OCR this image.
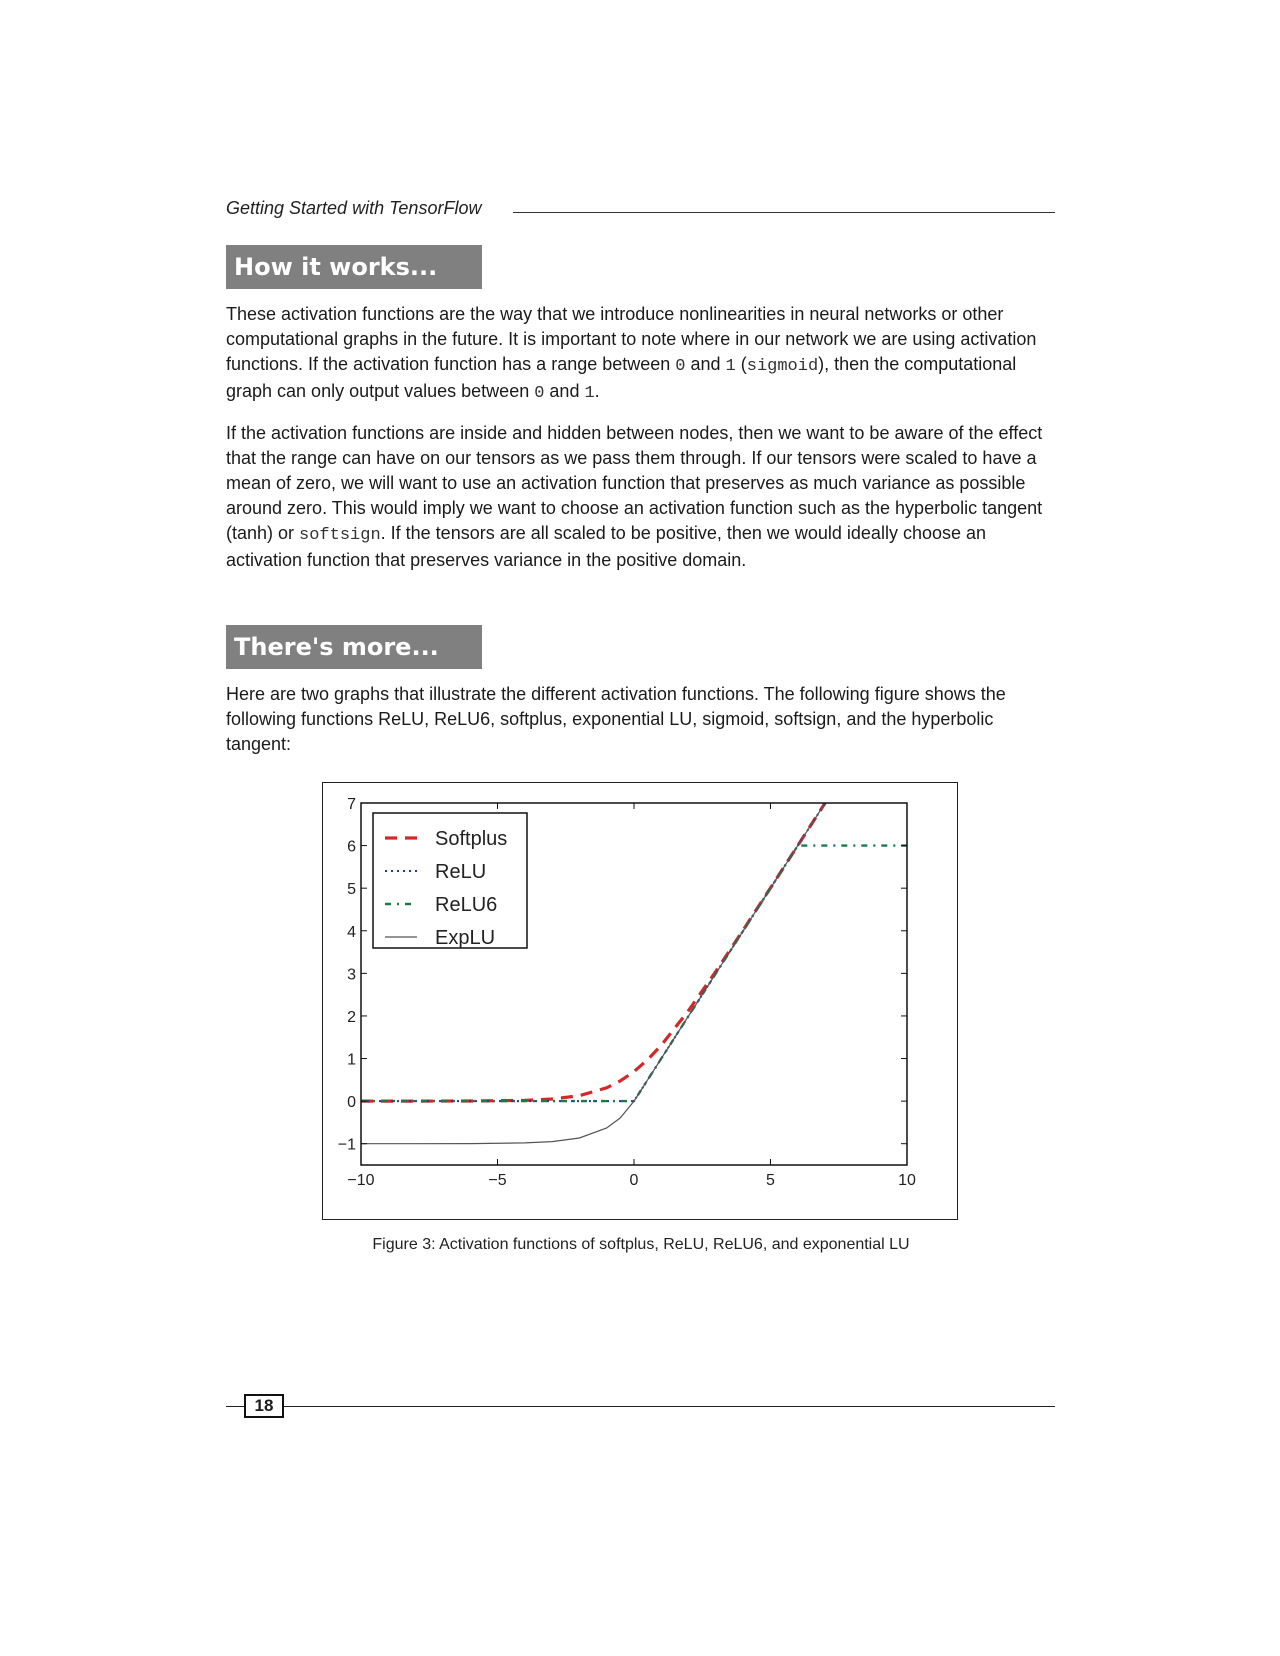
Getting Started with TensorFlow
How it works...

These activation functions are the way that we introduce nonlinearities in neural networks or other computational graphs in the future. It is important to note where in our network we are using activation functions. If the activation function has a range between 0 and 1 (sigmoid), then the computational graph can only output values between 0 and 1.

If the activation functions are inside and hidden between nodes, then we want to be aware of the effect that the range can have on our tensors as we pass them through. If our tensors were scaled to have a mean of zero, we will want to use an activation function that preserves as much variance as possible around zero. This would imply we want to choose an activation function such as the hyperbolic tangent (tanh) or softsign. If the tensors are all scaled to be positive, then we would ideally choose an activation function that preserves variance in the positive domain.

There's more...

Here are two graphs that illustrate the different activation functions. The following figure shows the following functions ReLU, ReLU6, softplus, exponential LU, sigmoid, softsign, and the hyperbolic tangent:

−10	−5	0	5	10
−1
0
1
2
3
4
5
6
7
Softplus
ReLU
ReLU6
ExpLU
Figure 3: Activation functions of softplus, ReLU, ReLU6, and exponential LU
18
